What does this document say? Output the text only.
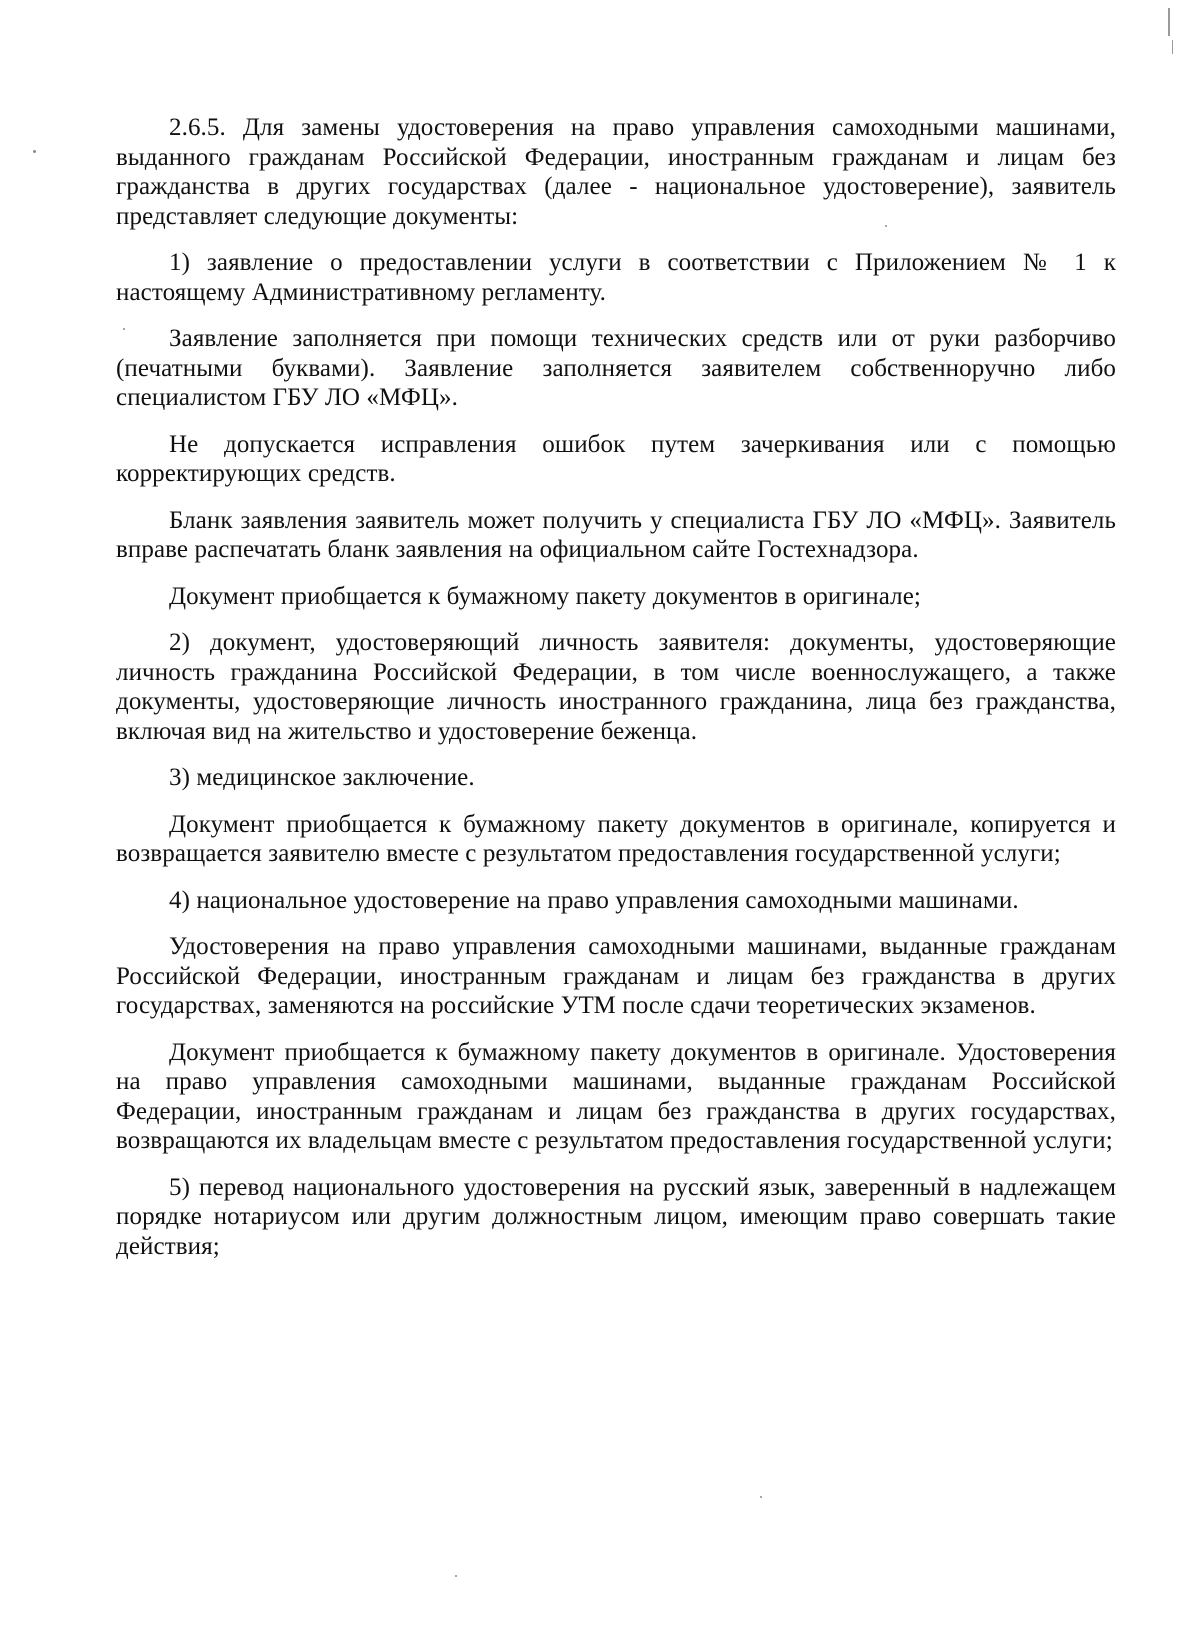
2.6.5. Для замены удостоверения на право управления самоходными машинами, выданного гражданам Российской Федерации, иностранным гражданам и лицам без гражданства в других государствах (далее - национальное удостоверение), заявитель представляет следующие документы:

1) заявление о предоставлении услуги в соответствии с Приложением № 1 к настоящему Административному регламенту.

Заявление заполняется при помощи технических средств или от руки разборчиво (печатными буквами). Заявление заполняется заявителем собственноручно либо специалистом ГБУ ЛО «МФЦ».

Не допускается исправления ошибок путем зачеркивания или с помощью корректирующих средств.

Бланк заявления заявитель может получить у специалиста ГБУ ЛО «МФЦ». Заявитель вправе распечатать бланк заявления на официальном сайте Гостехнадзора.

Документ приобщается к бумажному пакету документов в оригинале;

2) документ, удостоверяющий личность заявителя: документы, удостоверяющие личность гражданина Российской Федерации, в том числе военнослужащего, а также документы, удостоверяющие личность иностранного гражданина, лица без гражданства, включая вид на жительство и удостоверение беженца.

3) медицинское заключение.

Документ приобщается к бумажному пакету документов в оригинале, копируется и возвращается заявителю вместе с результатом предоставления государственной услуги;

4) национальное удостоверение на право управления самоходными машинами.

Удостоверения на право управления самоходными машинами, выданные гражданам Российской Федерации, иностранным гражданам и лицам без гражданства в других государствах, заменяются на российские УТМ после сдачи теоретических экзаменов.

Документ приобщается к бумажному пакету документов в оригинале. Удостоверения на право управления самоходными машинами, выданные гражданам Российской Федерации, иностранным гражданам и лицам без гражданства в других государствах, возвращаются их владельцам вместе с результатом предоставления государственной услуги;

5) перевод национального удостоверения на русский язык, заверенный в надлежащем порядке нотариусом или другим должностным лицом, имеющим право совершать такие действия;
